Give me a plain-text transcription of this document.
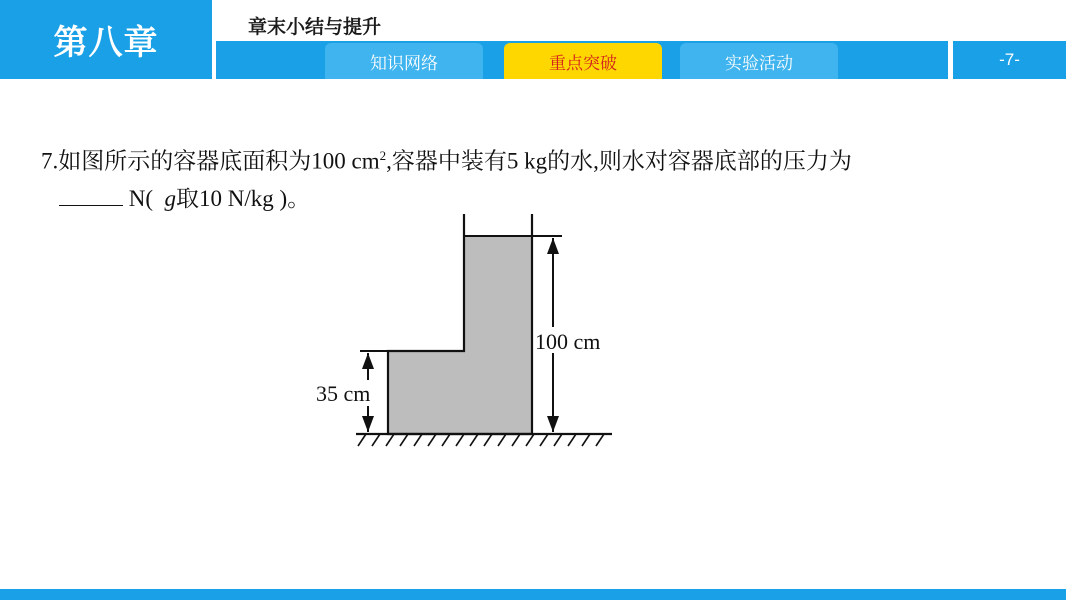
第八章	章末小结与提升
知识网络	重点突破	实验活动	-7-
7.如图所示的容器底面积为100 $cm^2$,容器中装有5 kg的水,则水对容器底部的压力为
N( g取10 N/kg )。
100 cm
35 cm
